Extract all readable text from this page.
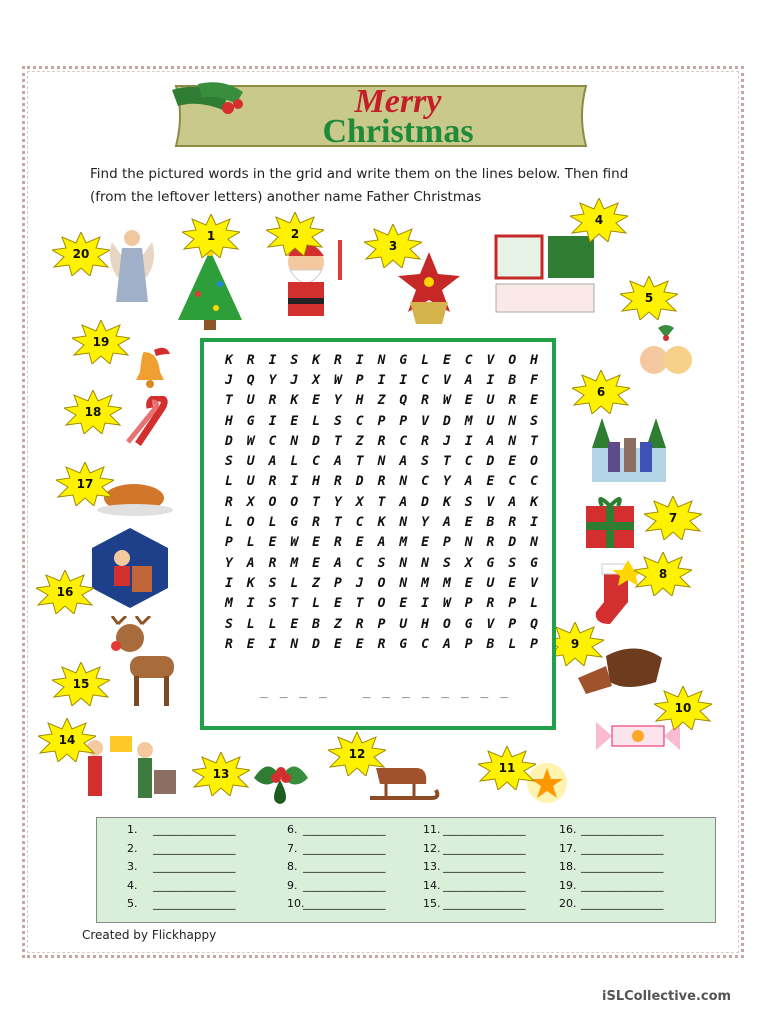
Merry
Christmas

Find the pictured words in the grid and write them on the lines below. Then find

(from the leftover letters) another name Father Christmas

20
1	2
3
4
5
6
7
8
9
10
11
12
13
14
15
16
17
18
19
K	R	I	S	K	R	I	N	G	L	E	C	V	O	H
J	Q	Y	J	X	W	P	I	I	C	V	A	I	B	F
T	U	R	K	E	Y	H	Z	Q	R	W	E	U	R	E
H	G	I	E	L	S	C	P	P	V	D	M	U	N	S
D	W	C	N	D	T	Z	R	C	R	J	I	A	N	T
S	U	A	L	C	A	T	N	A	S	T	C	D	E	O
L	U	R	I	H	R	D	R	N	C	Y	A	E	C	C
R	X	O	O	T	Y	X	T	A	D	K	S	V	A	K
L	O	L	G	R	T	C	K	N	Y	A	E	B	R	I
P	L	E	W	E	R	E	A	M	E	P	N	R	D	N
Y	A	R	M	E	A	C	S	N	N	S	X	G	S	G
I	K	S	L	Z	P	J	O	N	M	M	E	U	E	V
M	I	S	T	L	E	T	O	E	I	W	P	R	P	L
S	L	L	E	B	Z	R	P	U	H	O	G	V	P	Q
R	E	I	N	D	E	E	R	G	C	A	P	B	L	P
_ _ _ _	_ _ _ _ _ _ _ _
1. _______________
2. _______________
3. _______________
4. _______________
5. _______________
6. _______________
7. _______________
8. _______________
9. _______________
10.
_______________
11. _______________
12. _______________
13. _______________
14. _______________
15. _______________
16. _______________
17. _______________
18. _______________
19. _______________
20. _______________
Created by Flickhappy
iSLCollective.com
